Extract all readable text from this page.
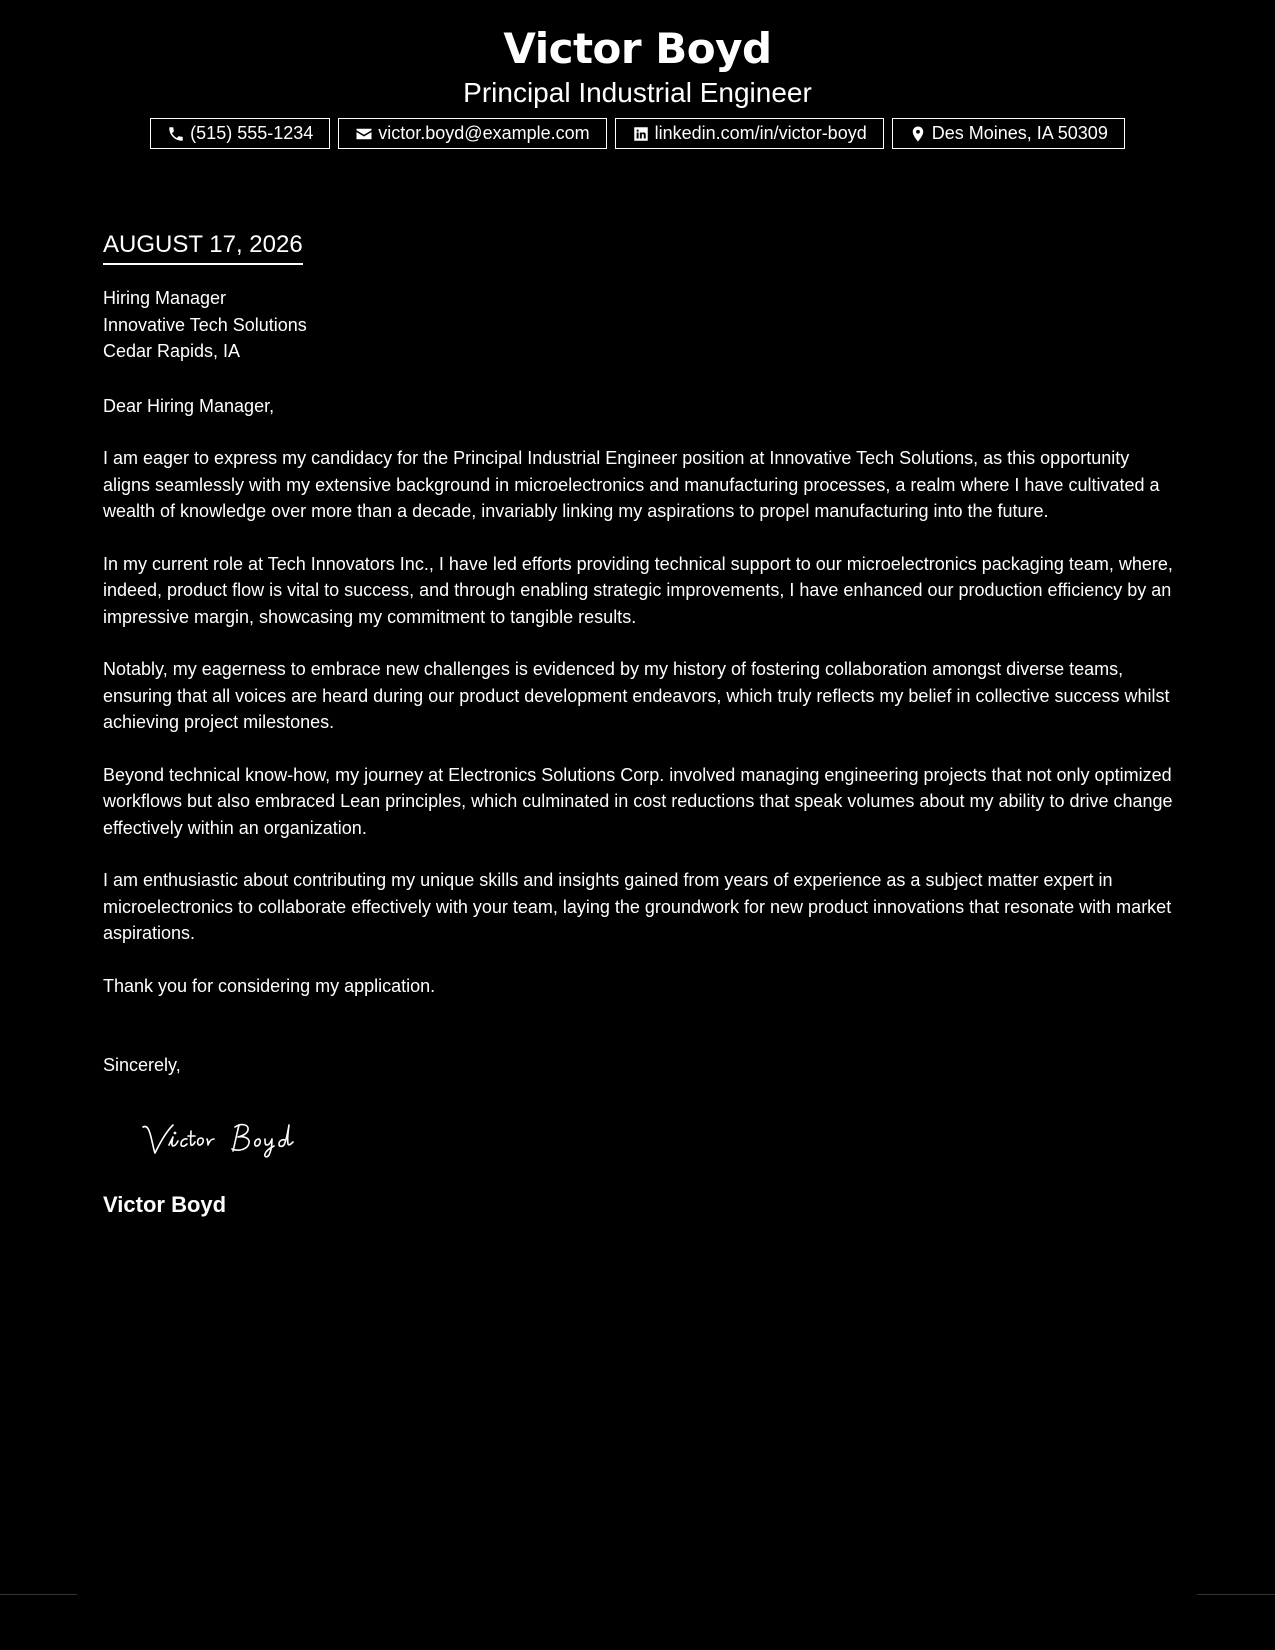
Victor Boyd
Principal Industrial Engineer
(515) 555-1234	victor.boyd@example.com	linkedin.com/in/victor-boyd	Des Moines, IA 50309
AUGUST 17, 2026
Hiring Manager
Innovative Tech Solutions
Cedar Rapids, IA
Dear Hiring Manager,
I am eager to express my candidacy for the Principal Industrial Engineer position at Innovative Tech Solutions, as this opportunity aligns seamlessly with my extensive background in microelectronics and manufacturing processes, a realm where I have cultivated a wealth of knowledge over more than a decade, invariably linking my aspirations to propel manufacturing into the future.
In my current role at Tech Innovators Inc., I have led efforts providing technical support to our microelectronics packaging team, where, indeed, product flow is vital to success, and through enabling strategic improvements, I have enhanced our production efficiency by an impressive margin, showcasing my commitment to tangible results.
Notably, my eagerness to embrace new challenges is evidenced by my history of fostering collaboration amongst diverse teams, ensuring that all voices are heard during our product development endeavors, which truly reflects my belief in collective success whilst achieving project milestones.
Beyond technical know-how, my journey at Electronics Solutions Corp. involved managing engineering projects that not only optimized workflows but also embraced Lean principles, which culminated in cost reductions that speak volumes about my ability to drive change effectively within an organization.
I am enthusiastic about contributing my unique skills and insights gained from years of experience as a subject matter expert in microelectronics to collaborate effectively with your team, laying the groundwork for new product innovations that resonate with market aspirations.
Thank you for considering my application.
Sincerely,
Victor Boyd
